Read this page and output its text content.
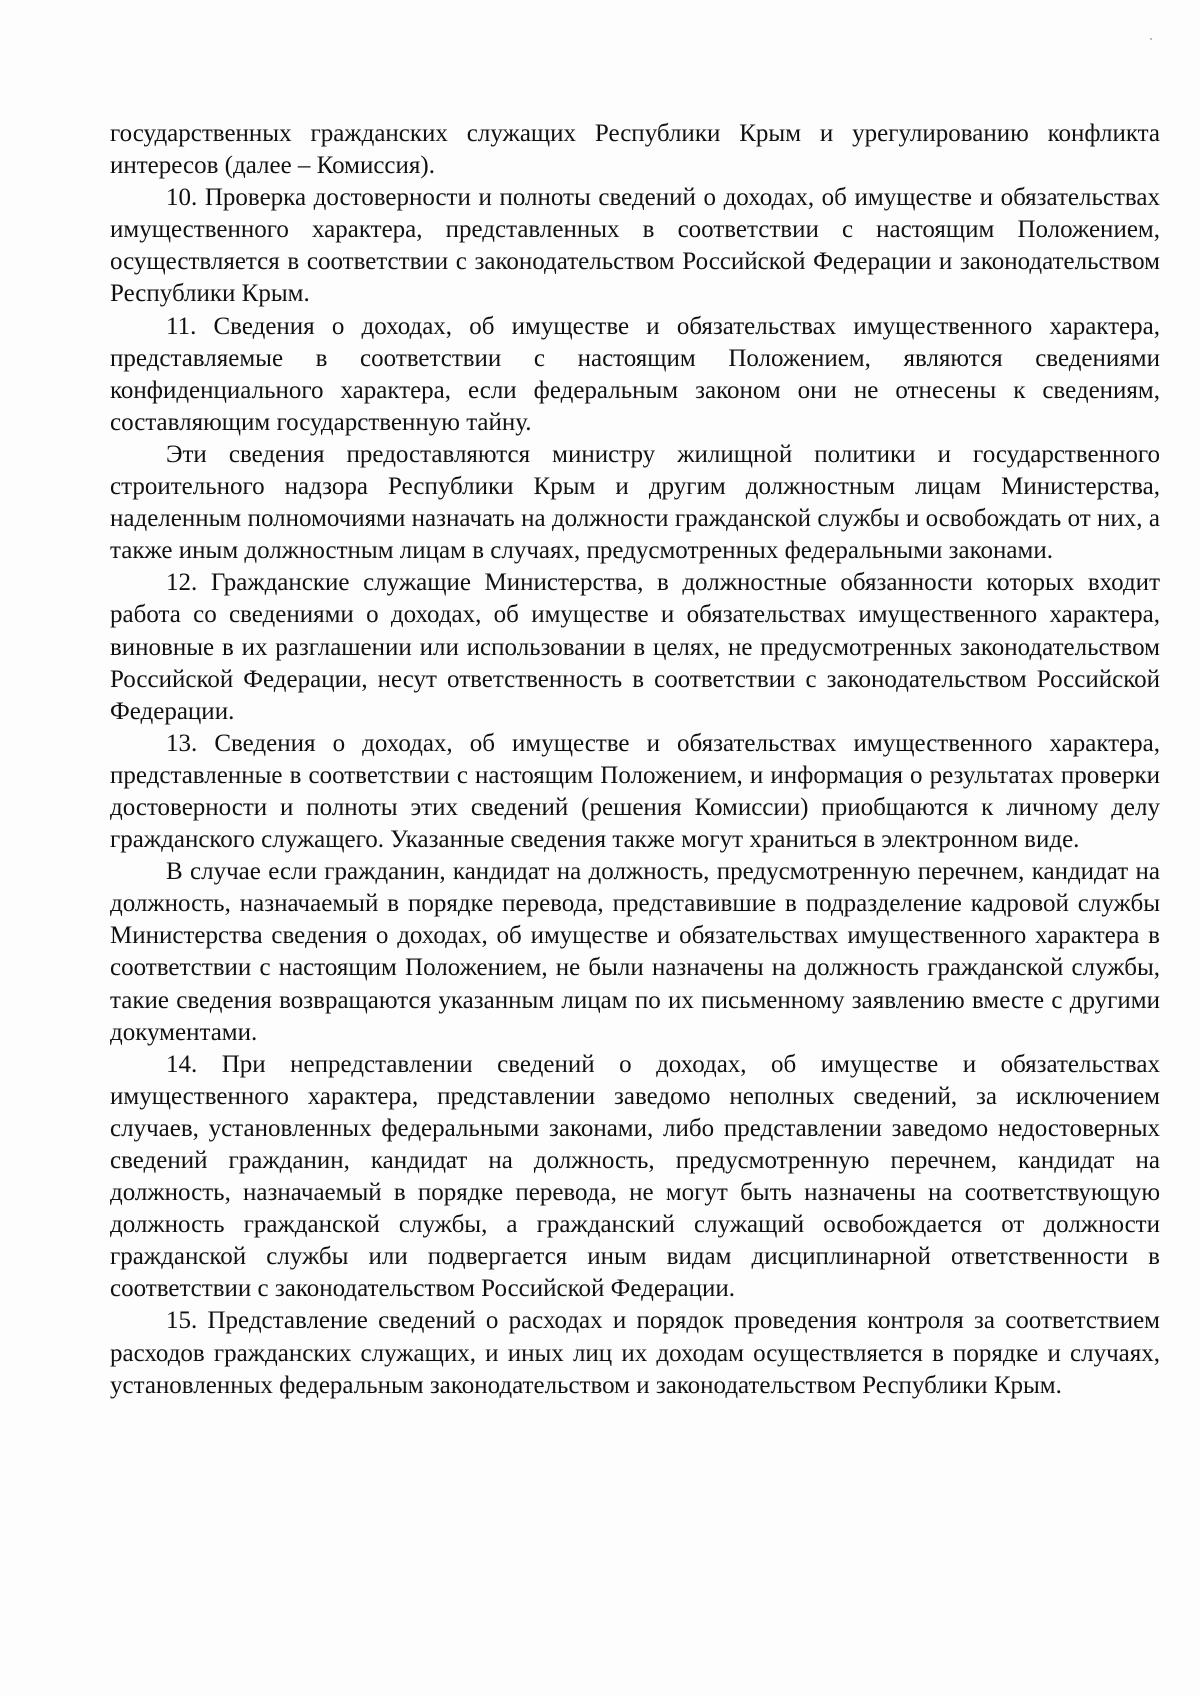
государственных гражданских служащих Республики Крым и урегулированию конфликта интересов (далее – Комиссия).

10. Проверка достоверности и полноты сведений о доходах, об имуществе и обязательствах имущественного характера, представленных в соответствии с настоящим Положением, осуществляется в соответствии с законодательством Российской Федерации и законодательством Республики Крым.

11. Сведения о доходах, об имуществе и обязательствах имущественного характера, представляемые в соответствии с настоящим Положением, являются сведениями конфиденциального характера, если федеральным законом они не отнесены к сведениям, составляющим государственную тайну.

Эти сведения предоставляются министру жилищной политики и государственного строительного надзора Республики Крым и другим должностным лицам Министерства, наделенным полномочиями назначать на должности гражданской службы и освобождать от них, а также иным должностным лицам в случаях, предусмотренных федеральными законами.

12. Гражданские служащие Министерства, в должностные обязанности которых входит работа со сведениями о доходах, об имуществе и обязательствах имущественного характера, виновные в их разглашении или использовании в целях, не предусмотренных законодательством Российской Федерации, несут ответственность в соответствии с законодательством Российской Федерации.

13. Сведения о доходах, об имуществе и обязательствах имущественного характера, представленные в соответствии с настоящим Положением, и информация о результатах проверки достоверности и полноты этих сведений (решения Комиссии) приобщаются к личному делу гражданского служащего. Указанные сведения также могут храниться в электронном виде.

В случае если гражданин, кандидат на должность, предусмотренную перечнем, кандидат на должность, назначаемый в порядке перевода, представившие в подразделение кадровой службы Министерства сведения о доходах, об имуществе и обязательствах имущественного характера в соответствии с настоящим Положением, не были назначены на должность гражданской службы, такие сведения возвращаются указанным лицам по их письменному заявлению вместе с другими документами.

14. При непредставлении сведений о доходах, об имуществе и обязательствах имущественного характера, представлении заведомо неполных сведений, за исключением случаев, установленных федеральными законами, либо представлении заведомо недостоверных сведений гражданин, кандидат на должность, предусмотренную перечнем, кандидат на должность, назначаемый в порядке перевода, не могут быть назначены на соответствующую должность гражданской службы, а гражданский служащий освобождается от должности гражданской службы или подвергается иным видам дисциплинарной ответственности в соответствии с законодательством Российской Федерации.

15. Представление сведений о расходах и порядок проведения контроля за соответствием расходов гражданских служащих, и иных лиц их доходам осуществляется в порядке и случаях, установленных федеральным законодательством и законодательством Республики Крым.
